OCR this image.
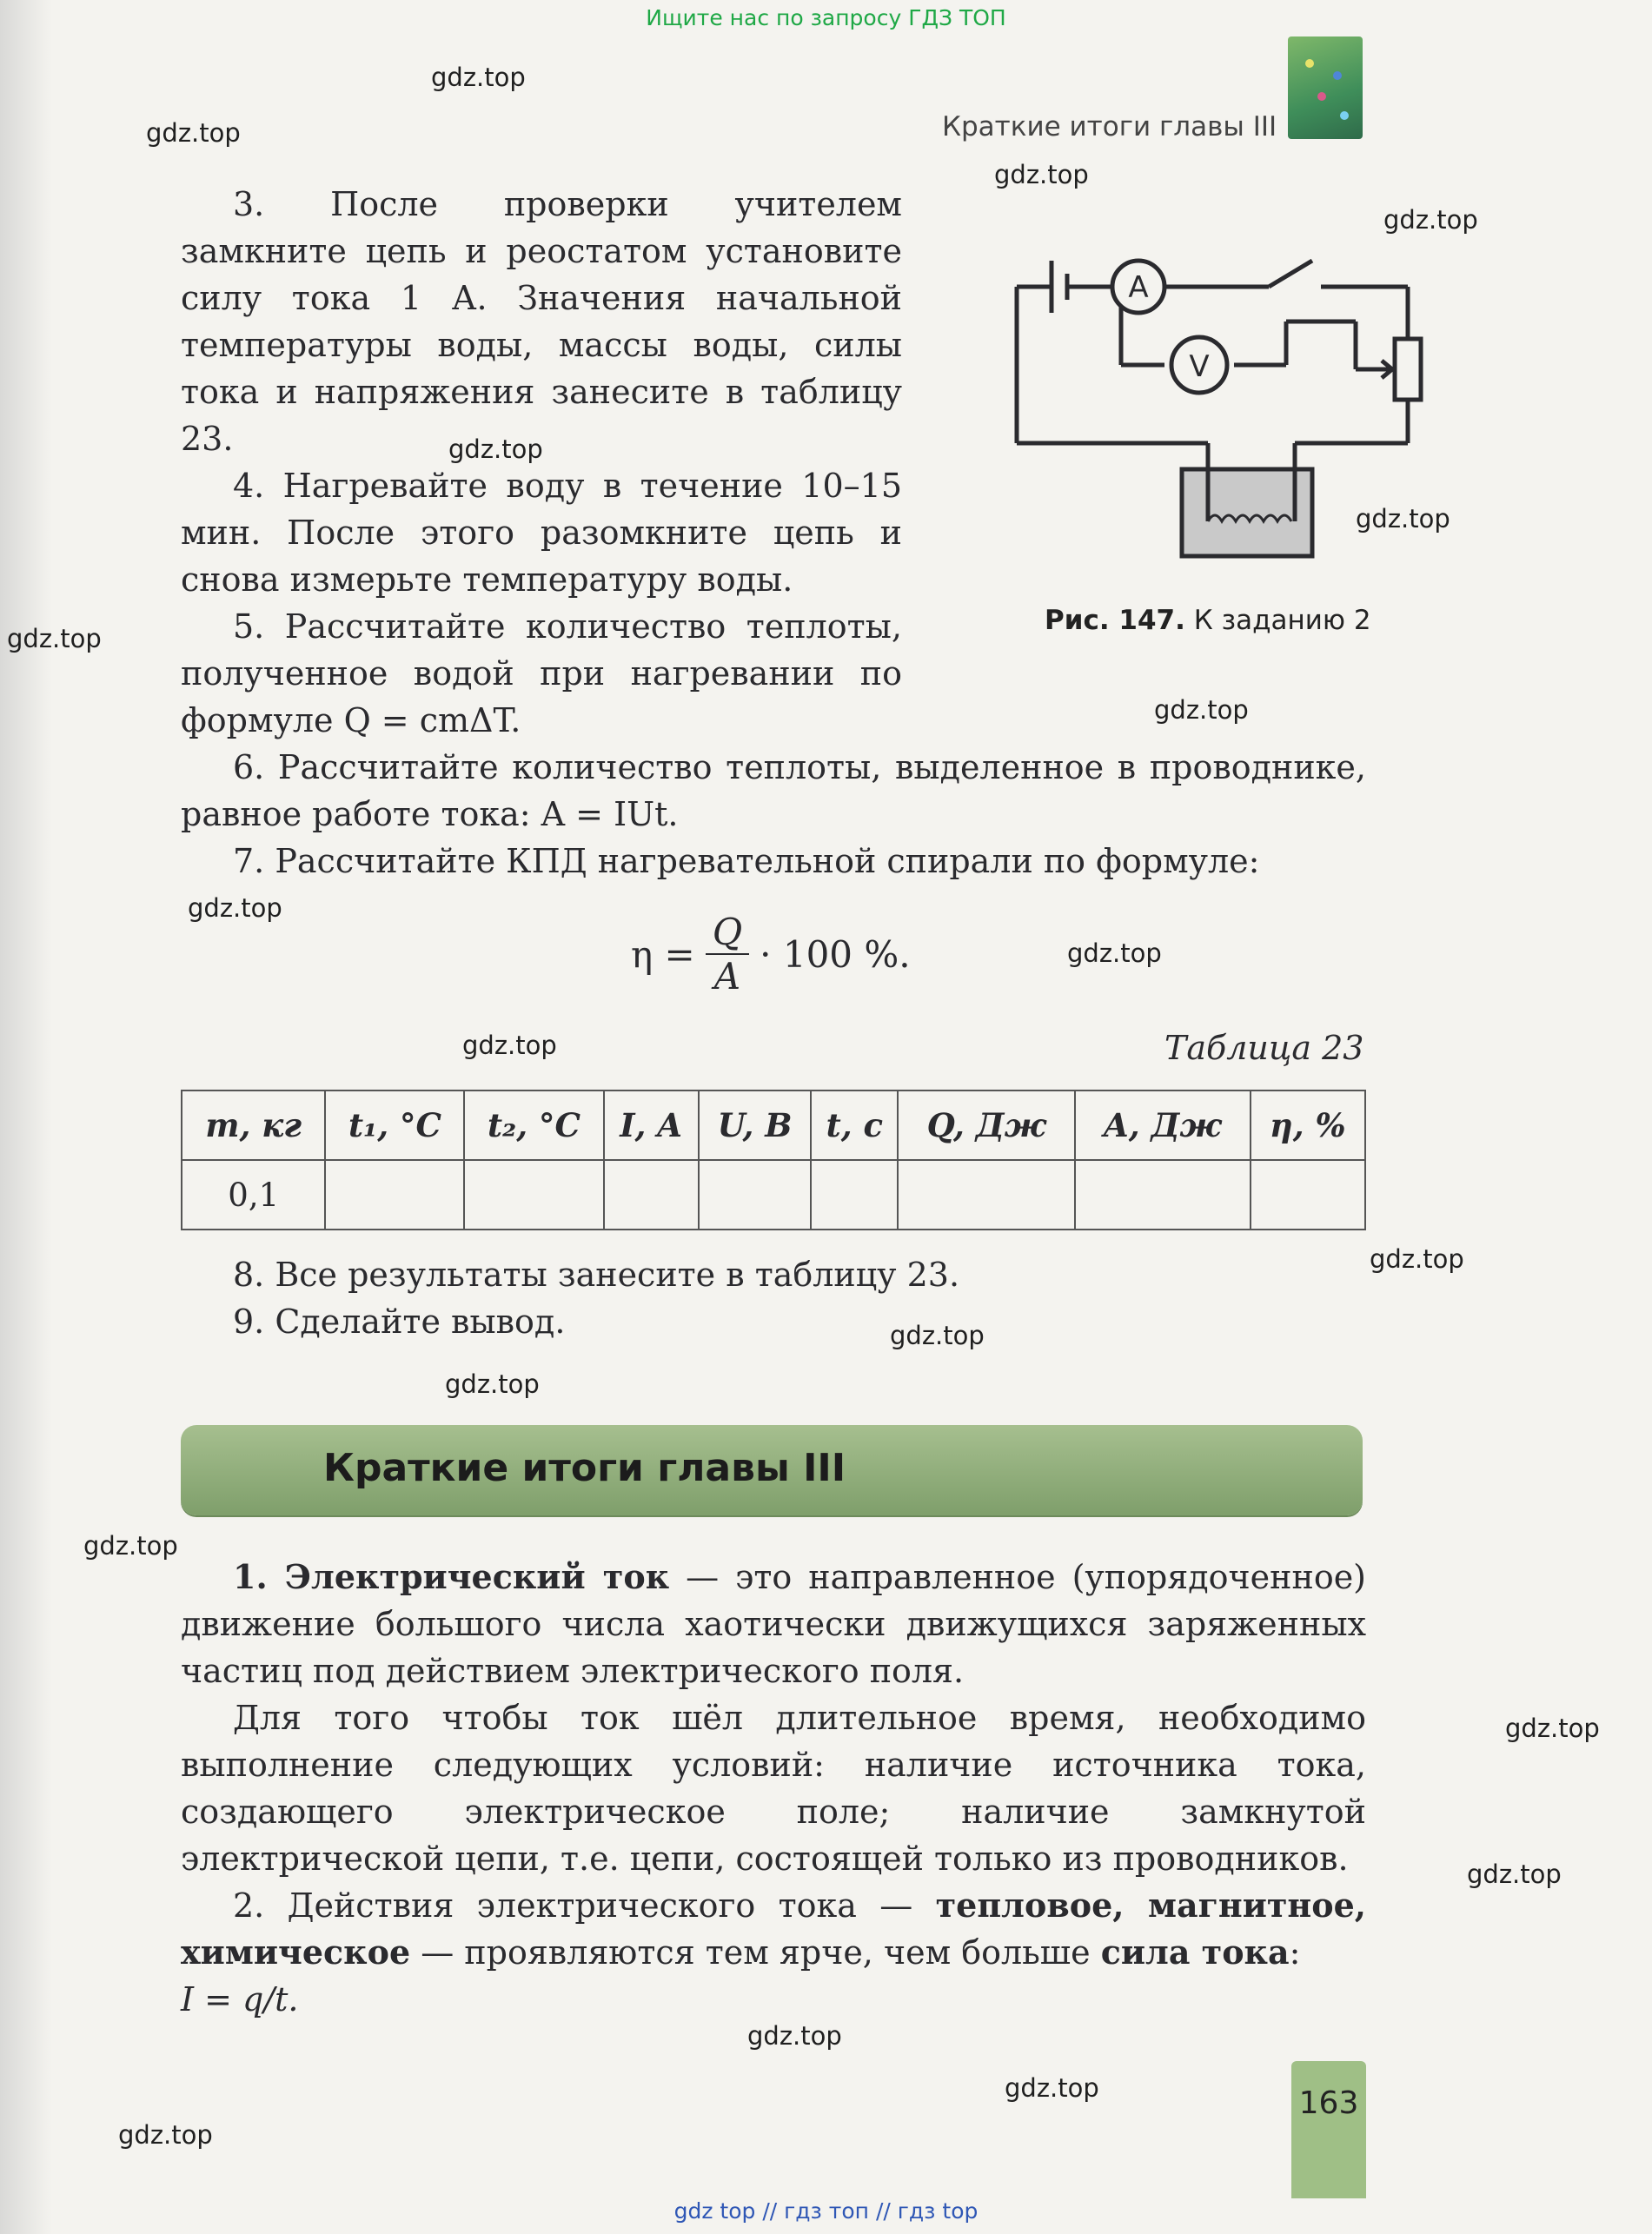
Ищите нас по запросу ГДЗ ТОП
Краткие итоги главы III

3. После проверки учителем замкните цепь и реостатом установите силу тока 1 А. Значения начальной температуры воды, массы воды, силы тока и напряжения занесите в таблицу 23.

4. Нагревайте воду в течение 10–15 мин. После этого разомкните цепь и снова измерьте температуру воды.

5. Рассчитайте количество теплоты, полученное водой при нагревании по формуле Q = cmΔT.

A
V
Рис. 147. К заданию 2

6. Рассчитайте количество теплоты, выделенное в проводнике, равное работе тока: A = IUt.

7. Рассчитайте КПД нагревательной спирали по формуле:

$\eta = \frac{Q}{A} \cdot 100$ %.
Таблица 23
m, кг	t₁, °C	t₂, °C	I, A	U, B	t, c	Q, Дж	A, Дж	η, %
0,1								

8. Все результаты занесите в таблицу 23.

9. Сделайте вывод.

Краткие итоги главы III

1. Электрический ток — это направленное (упорядоченное) движение большого числа хаотически движущихся заряженных частиц под действием электрического поля.

Для того чтобы ток шёл длительное время, необходимо выполнение следующих условий: наличие источника тока, создающего электрическое поле; наличие замкнутой электрической цепи, т.е. цепи, состоящей только из проводников.

2. Действия электрического тока — тепловое, магнитное, химическое — проявляются тем ярче, чем больше сила тока:

I = q/t.

163
gdz.top
gdz.top
gdz.top
gdz.top
gdz.top
gdz.top
gdz.top
gdz.top
gdz.top
gdz.top
gdz.top
gdz.top
gdz.top
gdz.top
gdz.top
gdz.top
gdz.top
gdz.top
gdz.top
gdz.top
gdz top // гдз топ // гдз top
